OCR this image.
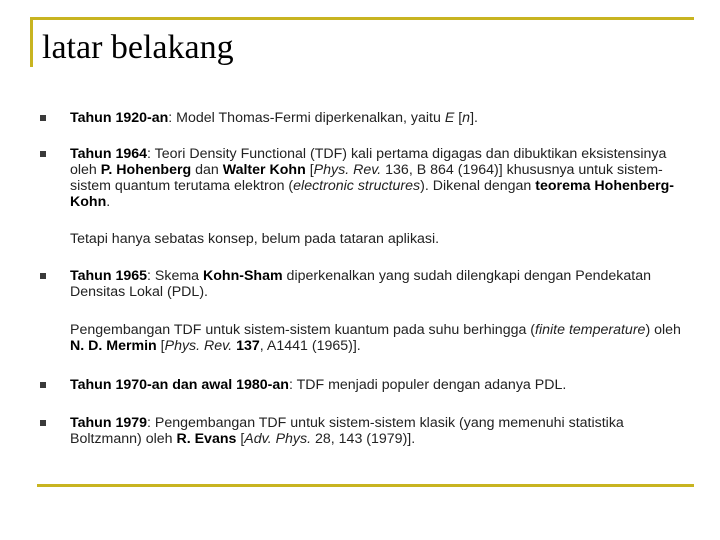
latar belakang

Tahun 1920-an: Model Thomas-Fermi diperkenalkan, yaitu E [n].

Tahun 1964: Teori Density Functional (TDF) kali pertama digagas dan dibuktikan eksistensinya oleh P. Hohenberg dan Walter Kohn [Phys. Rev. 136, B 864 (1964)] khususnya untuk sistem-sistem quantum terutama elektron (electronic structures). Dikenal dengan teorema Hohenberg-Kohn.

Tetapi hanya sebatas konsep, belum pada tataran aplikasi.

Tahun 1965: Skema Kohn-Sham diperkenalkan yang sudah dilengkapi dengan Pendekatan Densitas Lokal (PDL).

Pengembangan TDF untuk sistem-sistem kuantum pada suhu berhingga (finite temperature) oleh N. D. Mermin [Phys. Rev. 137, A1441 (1965)].

Tahun 1970-an dan awal 1980-an: TDF menjadi populer dengan adanya PDL.

Tahun 1979: Pengembangan TDF untuk sistem-sistem klasik (yang memenuhi statistika Boltzmann) oleh R. Evans [Adv. Phys. 28, 143 (1979)].
